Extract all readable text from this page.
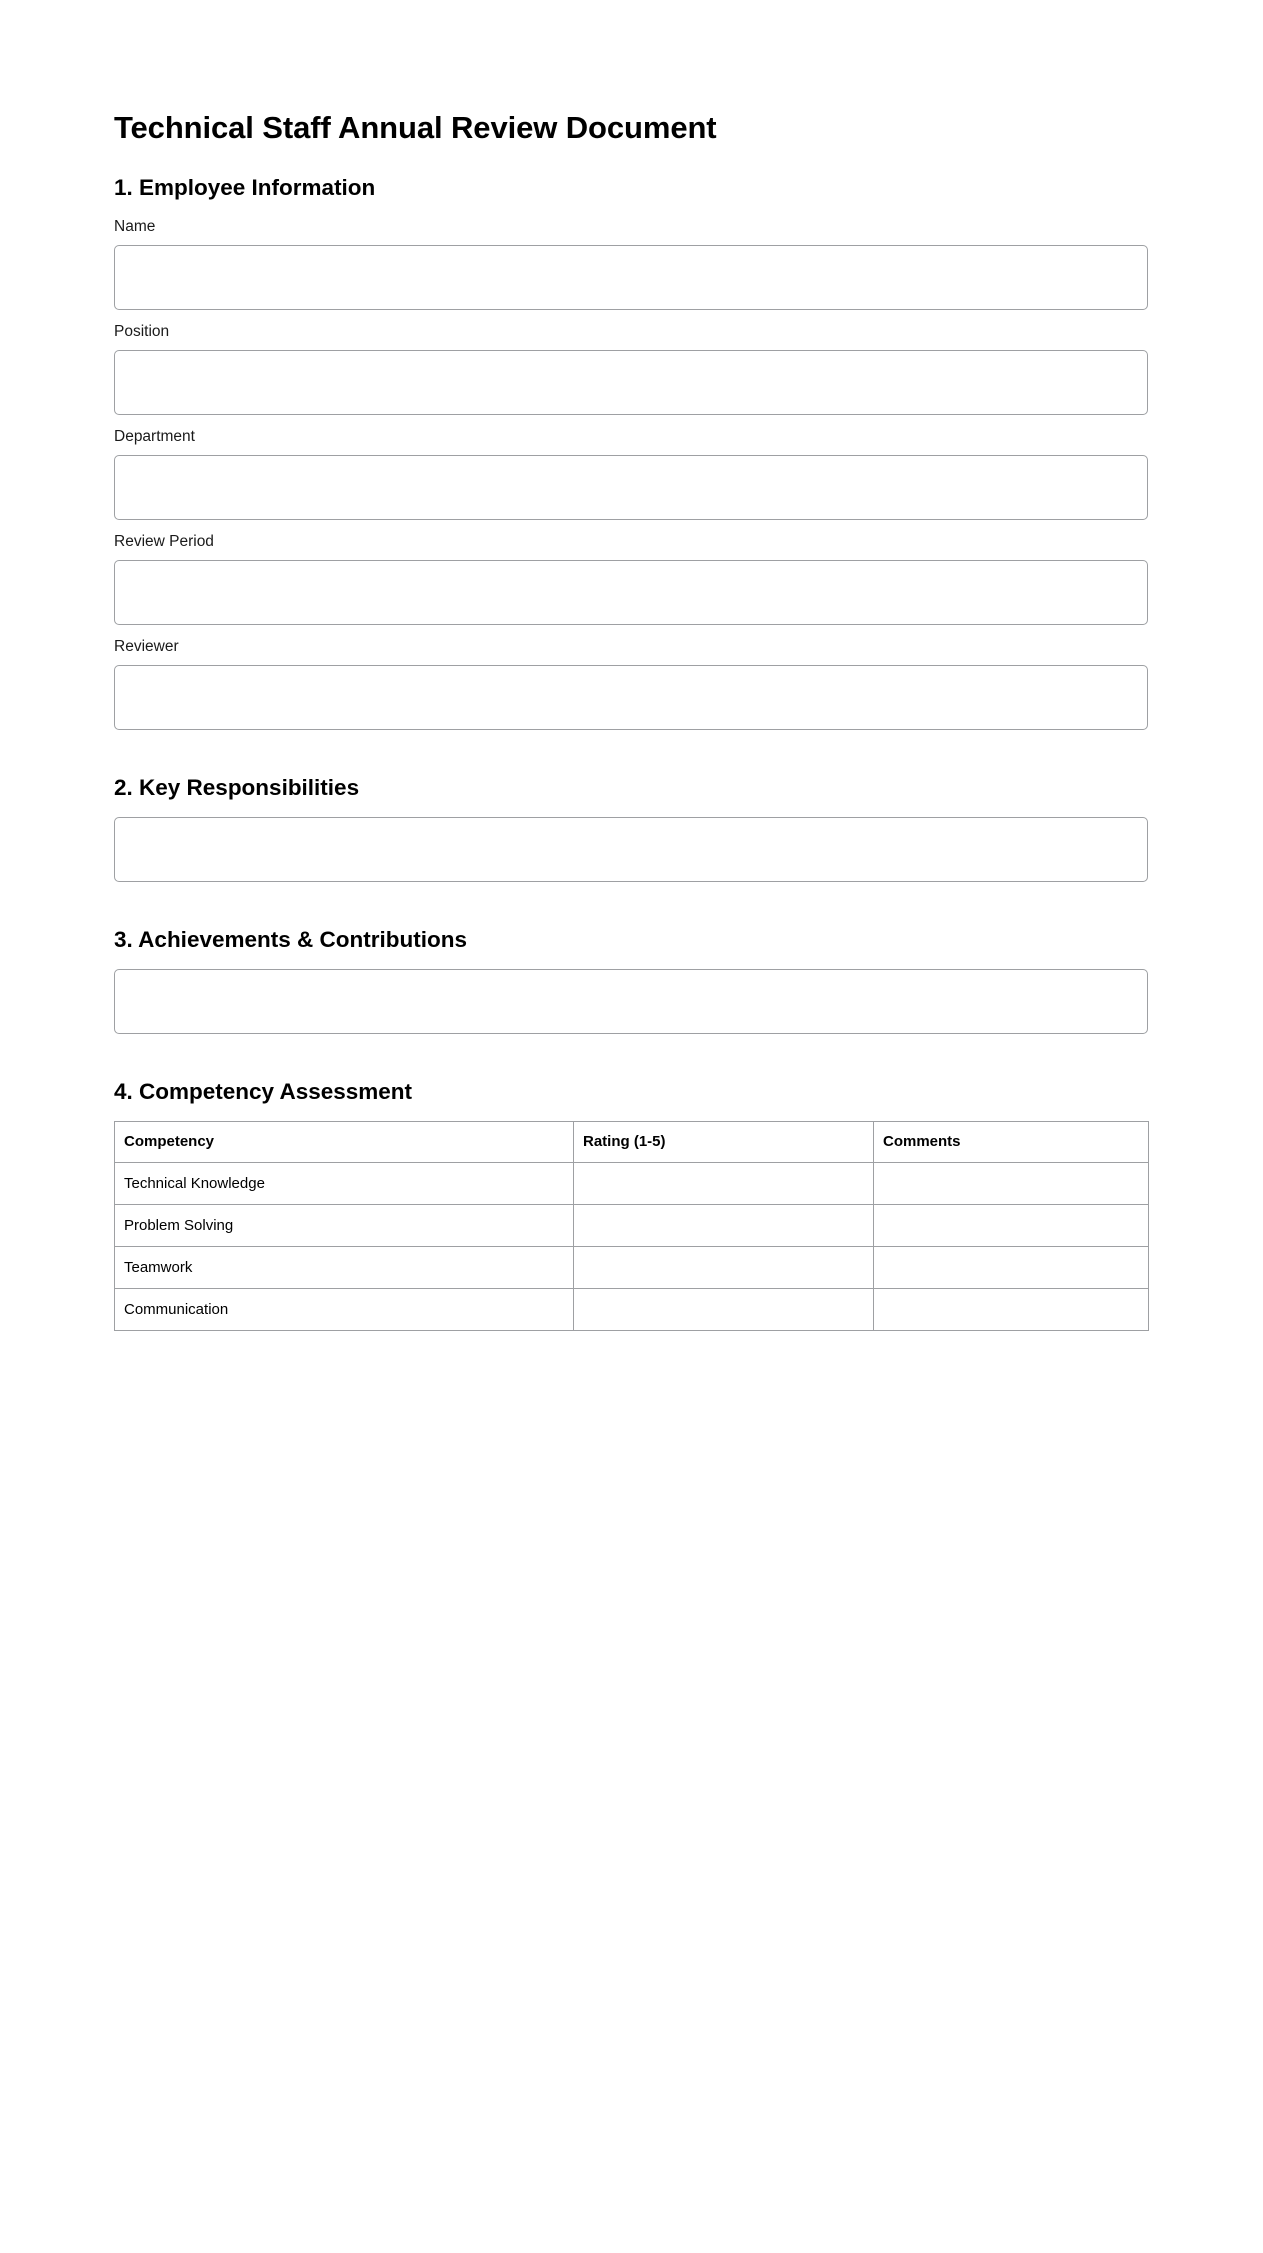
Technical Staff Annual Review Document
1. Employee Information
Name
Position
Department
Review Period
Reviewer
2. Key Responsibilities
3. Achievements & Contributions
4. Competency Assessment
Competency	Rating (1-5)	Comments
Technical Knowledge		
Problem Solving		
Teamwork		
Communication		
